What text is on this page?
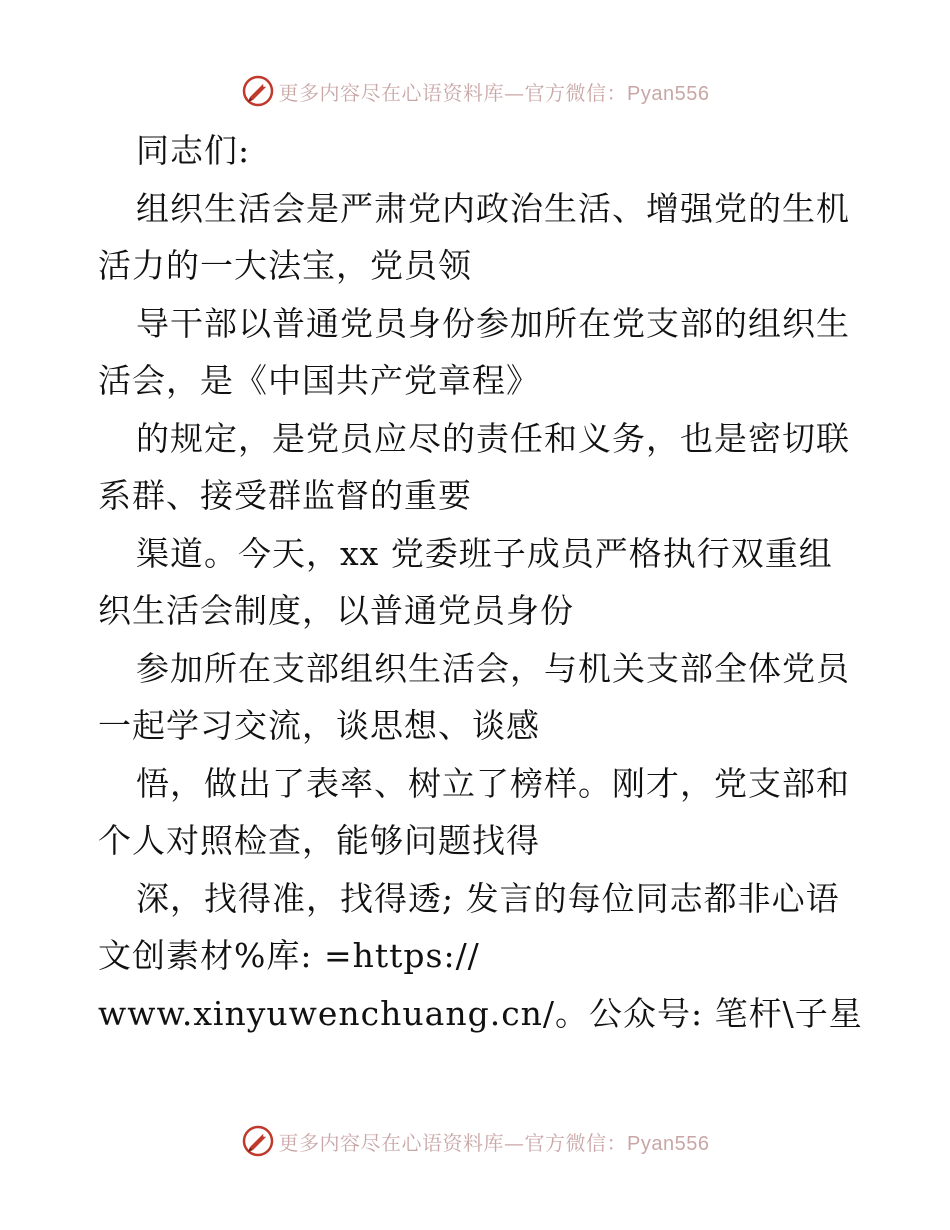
更多内容尽在心语资料库—官方微信：Pyan556
同志们:
组织生活会是严肃党内政治生活、增强党的生机
活力的一大法宝，党员领
导干部以普通党员身份参加所在党支部的组织生
活会，是《中国共产党章程》
的规定，是党员应尽的责任和义务，也是密切联
系群、接受群监督的重要
渠道。今天，xx 党委班子成员严格执行双重组
织生活会制度，以普通党员身份
参加所在支部组织生活会，与机关支部全体党员
一起学习交流，谈思想、谈感
悟，做出了表率、树立了榜样。刚才，党支部和
个人对照检查，能够问题找得
深，找得准，找得透; 发言的每位同志都非心语
文创素材%库: =https://
www.xinyuwenchuang.cn/。公众号: 笔杆\子星
更多内容尽在心语资料库—官方微信：Pyan556
